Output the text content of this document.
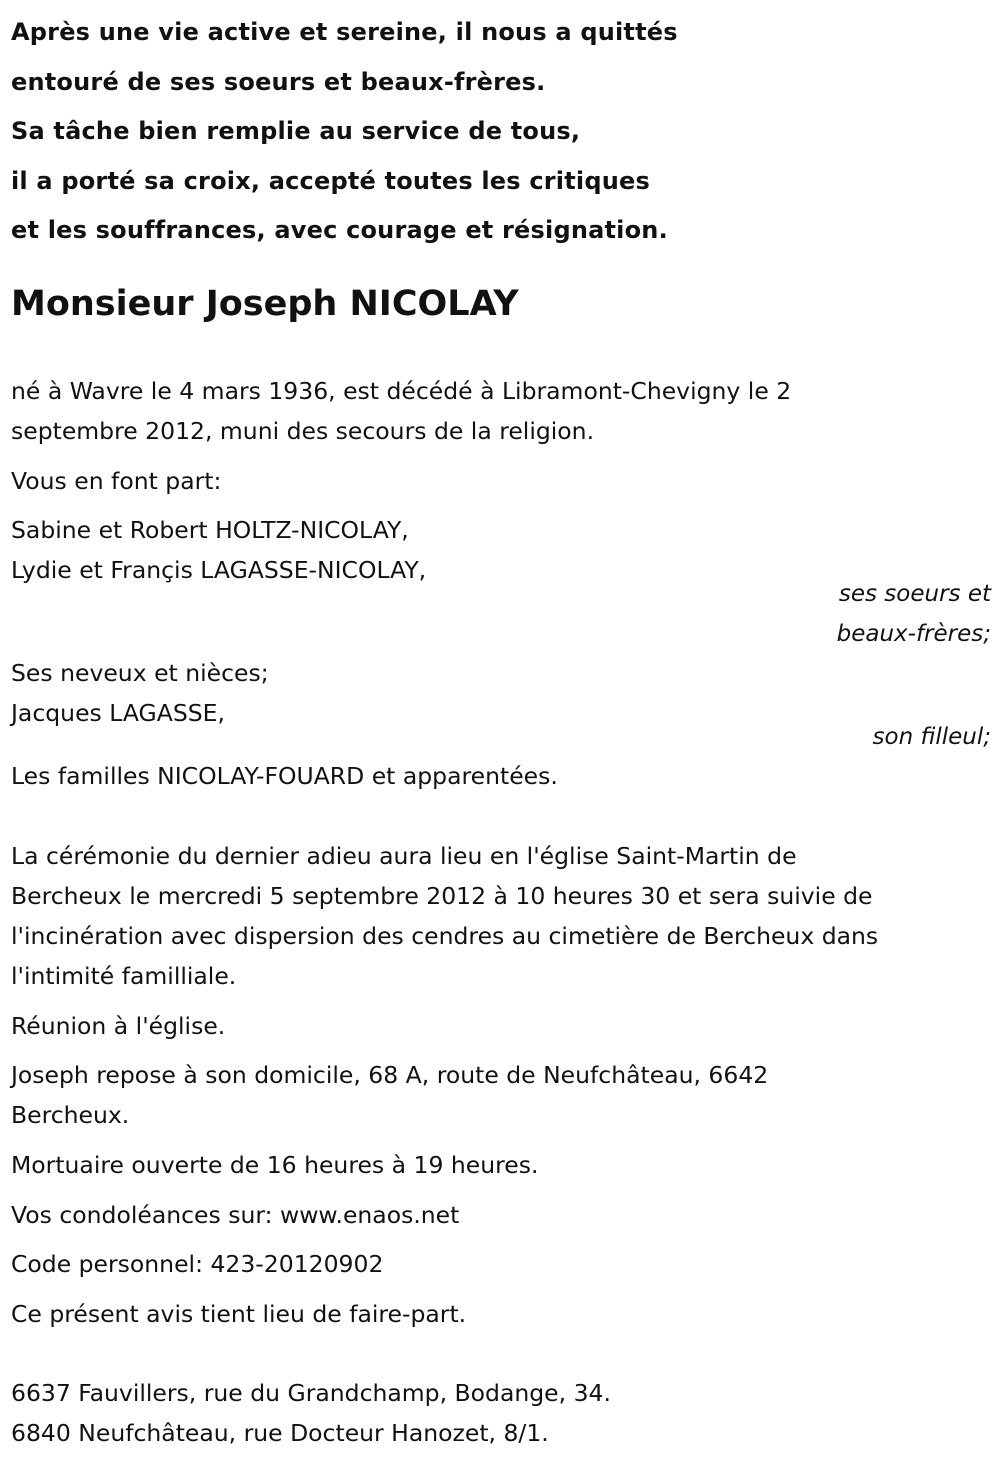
Après une vie active et sereine, il nous a quittés
entouré de ses soeurs et beaux-frères.
Sa tâche bien remplie au service de tous,
il a porté sa croix, accepté toutes les critiques
et les souffrances, avec courage et résignation.
Monsieur Joseph NICOLAY
né à Wavre le 4 mars 1936, est décédé à Libramont-Chevigny le 2
septembre 2012, muni des secours de la religion.
Vous en font part:
Sabine et Robert HOLTZ-NICOLAY,
Lydie et Françis LAGASSE-NICOLAY,
ses soeurs et
beaux-frères;
Ses neveux et nièces;
Jacques LAGASSE,
son filleul;
Les familles NICOLAY-FOUARD et apparentées.
La cérémonie du dernier adieu aura lieu en l'église Saint-Martin de
Bercheux le mercredi 5 septembre 2012 à 10 heures 30 et sera suivie de
l'incinération avec dispersion des cendres au cimetière de Bercheux dans
l'intimité familliale.
Réunion à l'église.
Joseph repose à son domicile, 68 A, route de Neufchâteau, 6642
Bercheux.
Mortuaire ouverte de 16 heures à 19 heures.
Vos condoléances sur: www.enaos.net
Code personnel: 423-20120902
Ce présent avis tient lieu de faire-part.
6637 Fauvillers, rue du Grandchamp, Bodange, 34.
6840 Neufchâteau, rue Docteur Hanozet, 8/1.
